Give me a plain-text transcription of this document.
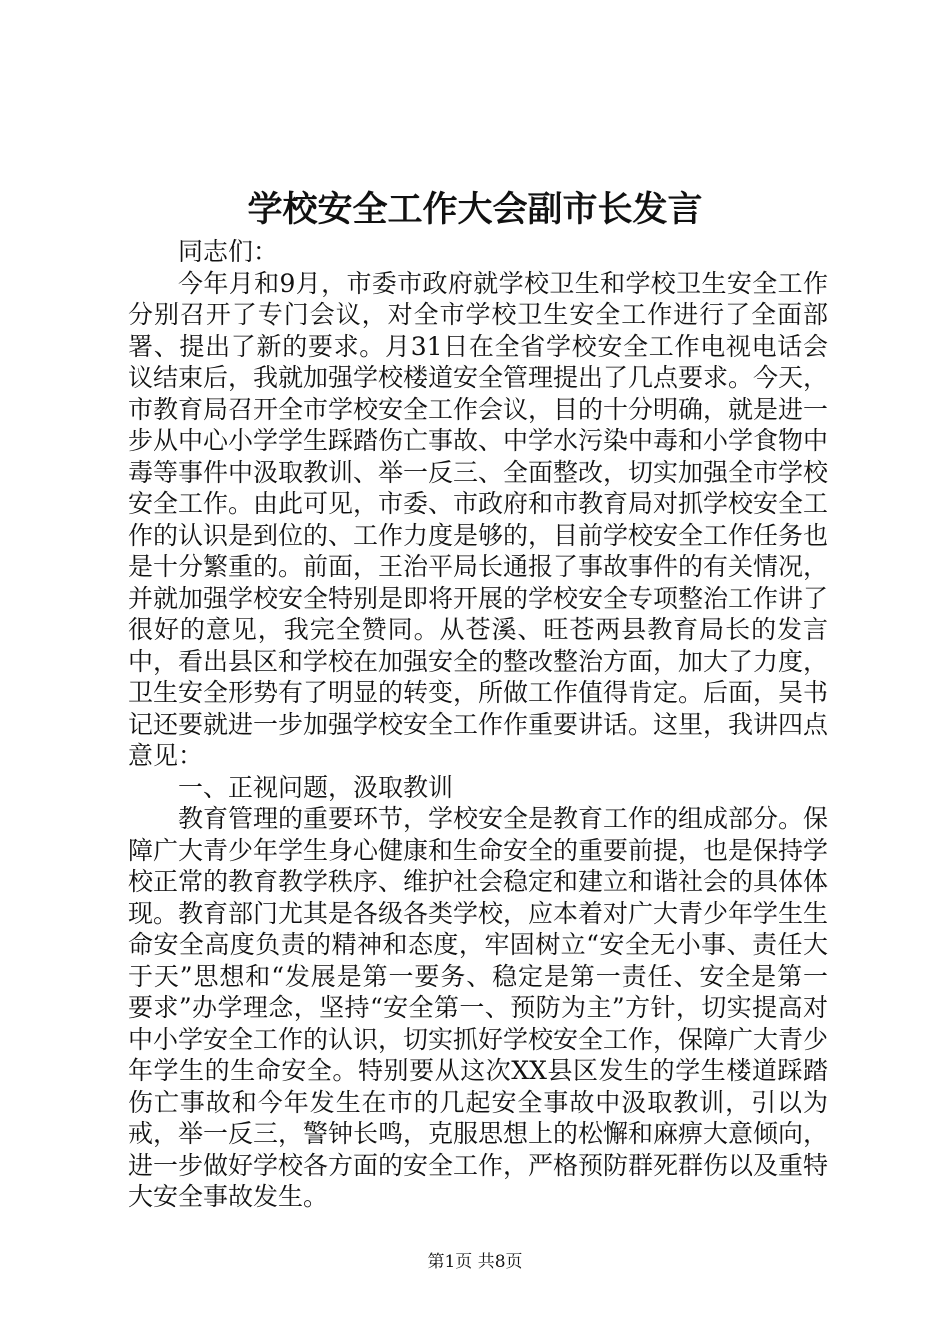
学校安全工作大会副市长发言

同志们：

今年月和9月，市委市政府就学校卫生和学校卫生安全工作分别召开了专门会议，对全市学校卫生安全工作进行了全面部署、提出了新的要求。月31日在全省学校安全工作电视电话会议结束后，我就加强学校楼道安全管理提出了几点要求。今天，市教育局召开全市学校安全工作会议，目的十分明确，就是进一步从中心小学学生踩踏伤亡事故、中学水污染中毒和小学食物中毒等事件中汲取教训、举一反三、全面整改，切实加强全市学校安全工作。由此可见，市委、市政府和市教育局对抓学校安全工作的认识是到位的、工作力度是够的，目前学校安全工作任务也是十分繁重的。前面，王治平局长通报了事故事件的有关情况，并就加强学校安全特别是即将开展的学校安全专项整治工作讲了很好的意见，我完全赞同。从苍溪、旺苍两县教育局长的发言中，看出县区和学校在加强安全的整改整治方面，加大了力度，卫生安全形势有了明显的转变，所做工作值得肯定。后面，吴书记还要就进一步加强学校安全工作作重要讲话。这里，我讲四点意见：

一、正视问题，汲取教训

教育管理的重要环节，学校安全是教育工作的组成部分。保障广大青少年学生身心健康和生命安全的重要前提，也是保持学校正常的教育教学秩序、维护社会稳定和建立和谐社会的具体体现。教育部门尤其是各级各类学校，应本着对广大青少年学生生命安全高度负责的精神和态度，牢固树立“安全无小事、责任大于天”思想和“发展是第一要务、稳定是第一责任、安全是第一要求”办学理念，坚持“安全第一、预防为主”方针，切实提高对中小学安全工作的认识，切实抓好学校安全工作，保障广大青少年学生的生命安全。特别要从这次XX县区发生的学生楼道踩踏伤亡事故和今年发生在市的几起安全事故中汲取教训，引以为戒，举一反三，警钟长鸣，克服思想上的松懈和麻痹大意倾向，进一步做好学校各方面的安全工作，严格预防群死群伤以及重特大安全事故发生。

第1页 共8页
